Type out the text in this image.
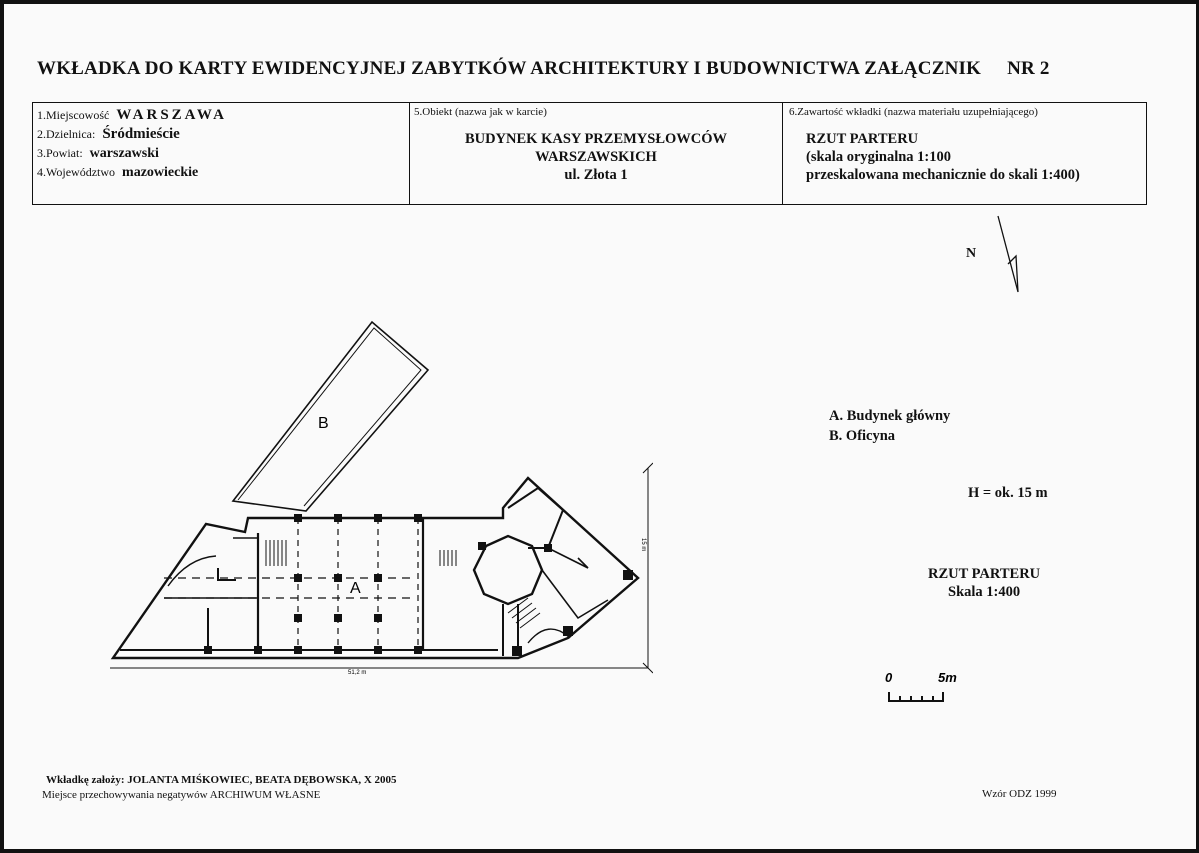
WKŁADKA DO KARTY EWIDENCYJNEJ ZABYTKÓW ARCHITEKTURY I BUDOWNICTWA ZAŁĄCZNIK NR 2
1.Miejscowość WARSZAWA
2.Dzielnica: Śródmieście
3.Powiat: warszawski
4.Województwo mazowieckie
5.Obiekt (nazwa jak w karcie)
BUDYNEK KASY PRZEMYSŁOWCÓW
WARSZAWSKICH
ul. Złota 1
6.Zawartość wkładki (nazwa materiału uzupełniającego)
RZUT PARTERU
(skala oryginalna 1:100
przeskalowana mechanicznie do skali 1:400)
N
A. Budynek główny
B. Oficyna
H = ok. 15 m
RZUT PARTERU
Skala 1:400
0	5m
A
B
51,2 m
15 m
Wkładkę założy: JOLANTA MIŚKOWIEC, BEATA DĘBOWSKA, X 2005
Miejsce przechowywania negatywów ARCHIWUM WŁASNE	Wzór ODZ 1999
